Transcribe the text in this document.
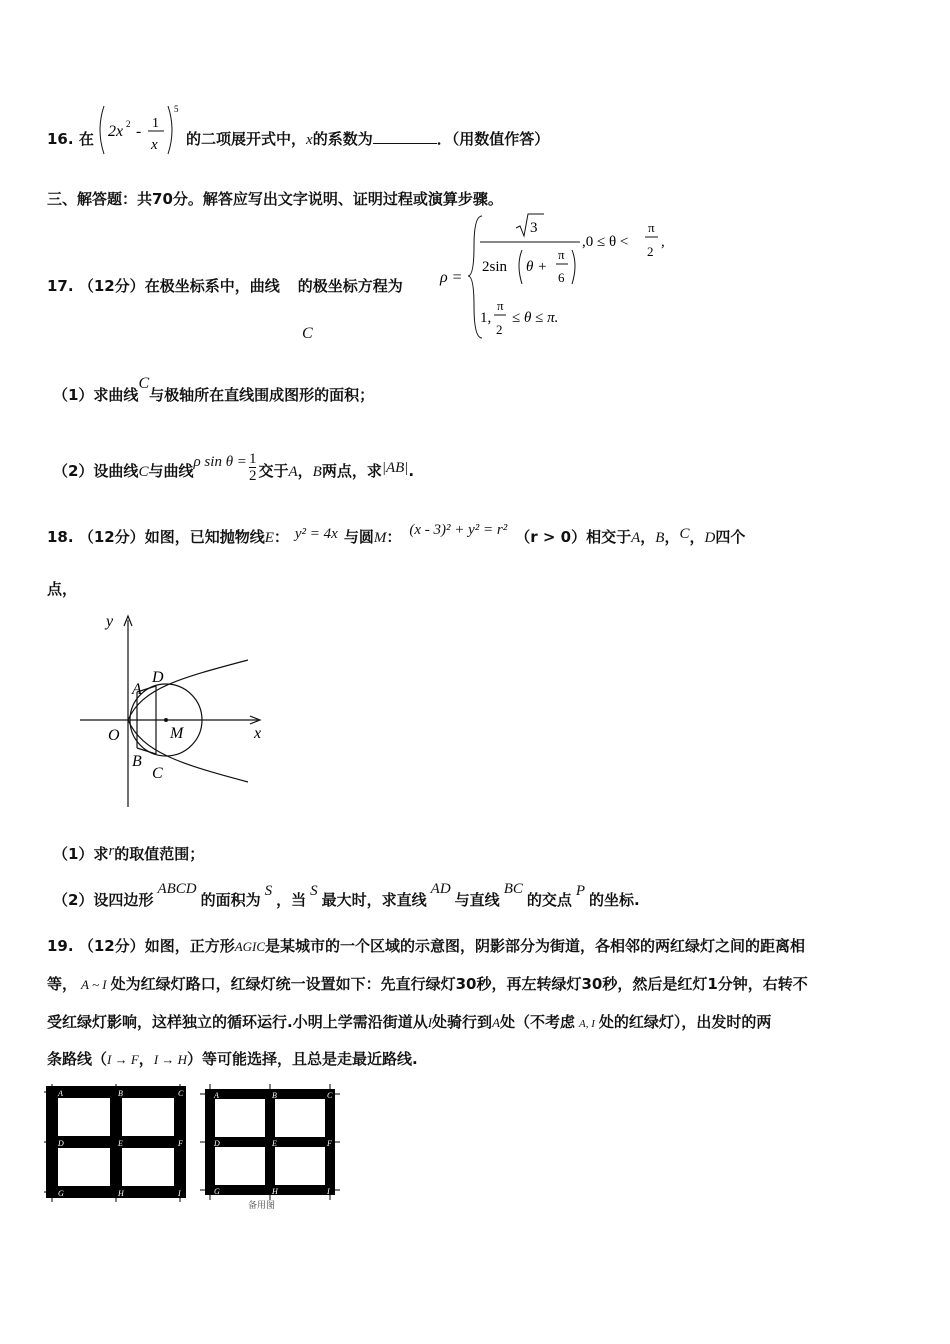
16. 在 2x 2 - 1
x
5
的二项展开式中，x的系数为	．（用数值作答）
三、解答题：共70分。解答应写出文字说明、证明过程或演算步骤。
17. （12分）在极坐标系中，曲线 的极坐标方程为
C
ρ =
3
2sin θ +
π
6
,0 ≤ θ <
π
2
,
1,
π
2
≤ θ ≤ π.
（1）求曲线C与极轴所在直线围成图形的面积；
（2）设曲线C与曲线ρ $\sin \theta = \frac{1}{2}$ 交于A，B两点，求|AB|.
18. （12分）如图，已知抛物线E： y² = 4x 与圆M： (x - 3)² + y² = r² （r > 0）相交于A，B，C，D四个
点，
y
x
O
A
D
B
C
M
（1）求r的取值范围；
（2）设四边形ABCD的面积为 S ，当 S 最大时，求直线AD与直线BC的交点 P 的坐标.
19. （12分）如图，正方形AGIC是某城市的一个区域的示意图，阴影部分为街道，各相邻的两红绿灯之间的距离相
等， A ~ I 处为红绿灯路口，红绿灯统一设置如下：先直行绿灯30秒，再左转绿灯30秒，然后是红灯1分钟，右转不
受红绿灯影响，这样独立的循环运行.小明上学需沿街道从I处骑行到A处（不考虑 A, I 处的红绿灯），出发时的两
条路线（I → F，I → H）等可能选择，且总是走最近路线.
A	B	C
D	E	F
G	H	I
A	B	C
D	E	F
G	H	I
备用图
